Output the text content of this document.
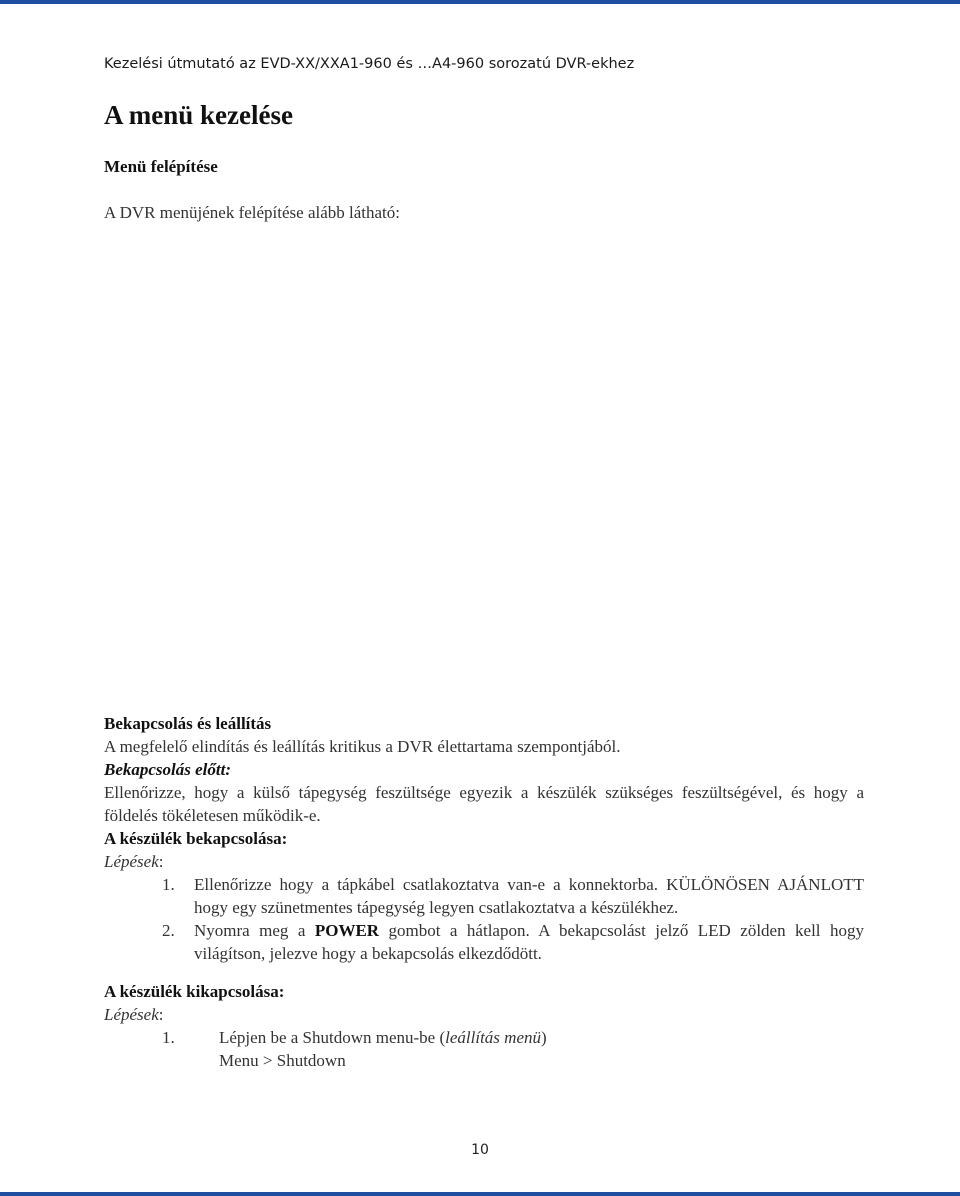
Kezelési útmutató az EVD-XX/XXA1-960 és …A4-960 sorozatú DVR-ekhez
A menü kezelése
Menü felépítése

A DVR menüjének felépítése alább látható:

Bekapcsolás és leállítás

A megfelelő elindítás és leállítás kritikus a DVR élettartama szempontjából.

Bekapcsolás előtt:

Ellenőrizze, hogy a külső tápegység feszültsége egyezik a készülék szükséges feszültségével, és hogy a földelés tökéletesen működik-e.

A készülék bekapcsolása:

Lépések:

1. Ellenőrizze hogy a tápkábel csatlakoztatva van-e a konnektorba. KÜLÖNÖSEN AJÁNLOTT hogy egy szünetmentes tápegység legyen csatlakoztatva a készülékhez.
2. Nyomra meg a POWER gombot a hátlapon. A bekapcsolást jelző LED zölden kell hogy világítson, jelezve hogy a bekapcsolás elkezdődött.

A készülék kikapcsolása:

Lépések:

1.	Lépjen be a Shutdown menu-be (leállítás menü)
Menu > Shutdown
10
